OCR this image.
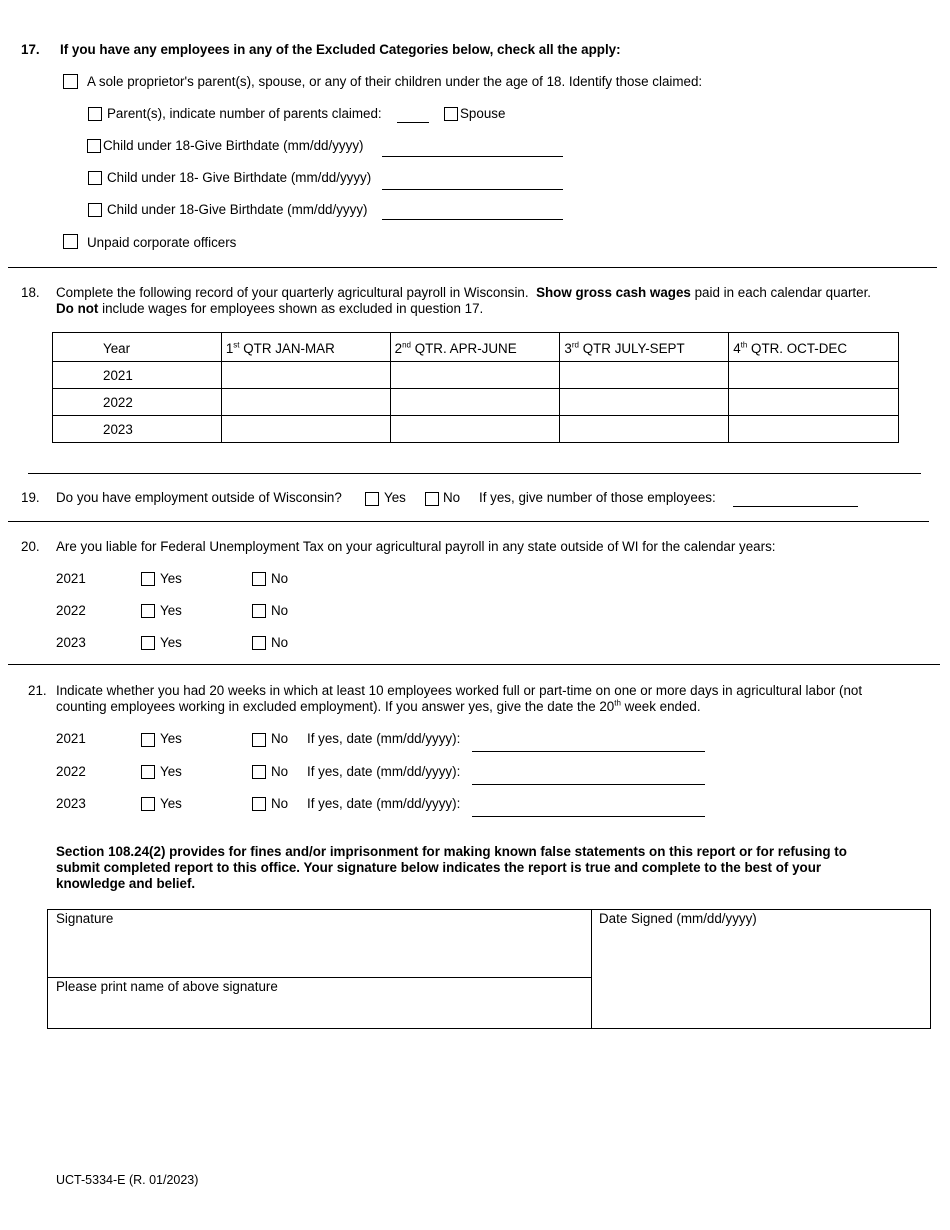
17. If you have any employees in any of the Excluded Categories below, check all the apply:
A sole proprietor's parent(s), spouse, or any of their children under the age of 18. Identify those claimed:
Parent(s), indicate number of parents claimed:	Spouse
Child under 18-Give Birthdate (mm/dd/yyyy)
Child under 18- Give Birthdate (mm/dd/yyyy)
Child under 18-Give Birthdate (mm/dd/yyyy)
Unpaid corporate officers
18. Complete the following record of your quarterly agricultural payroll in Wisconsin. Show gross cash wages paid in each calendar quarter.
Do not include wages for employees shown as excluded in question 17.
Year	1st QTR JAN-MAR	2nd QTR. APR-JUNE	3rd QTR JULY-SEPT	4th QTR. OCT-DEC
2021				
2022				
2023				
19. Do you have employment outside of Wisconsin?	Yes	No If yes, give number of those employees:
20. Are you liable for Federal Unemployment Tax on your agricultural payroll in any state outside of WI for the calendar years:
2021	Yes	No
2022	Yes	No
2023	Yes	No
21. Indicate whether you had 20 weeks in which at least 10 employees worked full or part-time on one or more days in agricultural labor (not
counting employees working in excluded employment). If you answer yes, give the date the 20th week ended.
2021	Yes	No If yes, date (mm/dd/yyyy):
2022	Yes	No If yes, date (mm/dd/yyyy):
2023	Yes	No If yes, date (mm/dd/yyyy):
Section 108.24(2) provides for fines and/or imprisonment for making known false statements on this report or for refusing to
submit completed report to this office. Your signature below indicates the report is true and complete to the best of your
knowledge and belief.
Signature
Please print name of above signature
Date Signed (mm/dd/yyyy)
UCT-5334-E (R. 01/2023)
